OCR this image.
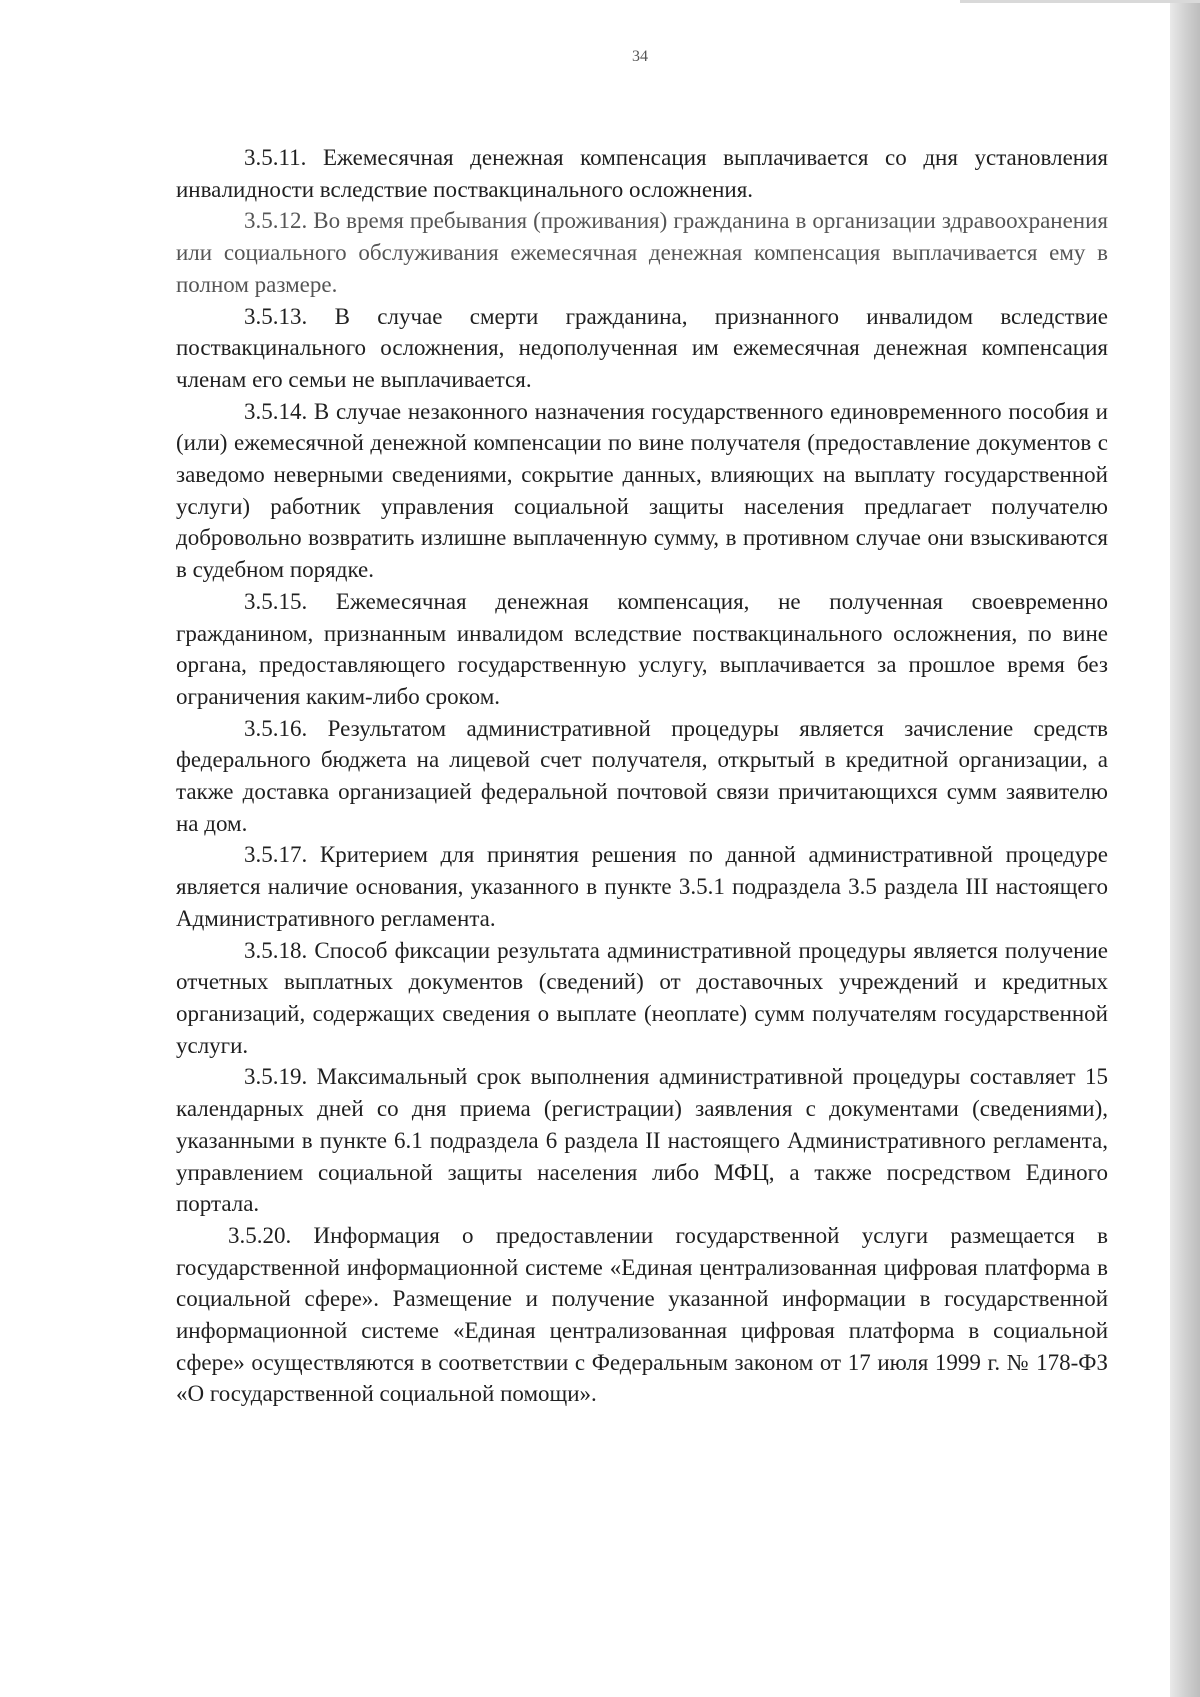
34

3.5.11. Ежемесячная денежная компенсация выплачивается со дня установления инвалидности вследствие поствакцинального осложнения.

3.5.12. Во время пребывания (проживания) гражданина в организации здравоохранения или социального обслуживания ежемесячная денежная компенсация выплачивается ему в полном размере.

3.5.13. В случае смерти гражданина, признанного инвалидом вследствие поствакцинального осложнения, недополученная им ежемесячная денежная компенсация членам его семьи не выплачивается.

3.5.14. В случае незаконного назначения государственного единовременного пособия и (или) ежемесячной денежной компенсации по вине получателя (предоставление документов с заведомо неверными сведениями, сокрытие данных, влияющих на выплату государственной услуги) работник управления социальной защиты населения предлагает получателю добровольно возвратить излишне выплаченную сумму, в противном случае они взыскиваются в судебном порядке.

3.5.15. Ежемесячная денежная компенсация, не полученная своевременно гражданином, признанным инвалидом вследствие поствакцинального осложнения, по вине органа, предоставляющего государственную услугу, выплачивается за прошлое время без ограничения каким-либо сроком.

3.5.16. Результатом административной процедуры является зачисление средств федерального бюджета на лицевой счет получателя, открытый в кредитной организации, а также доставка организацией федеральной почтовой связи причитающихся сумм заявителю на дом.

3.5.17. Критерием для принятия решения по данной административной процедуре является наличие основания, указанного в пункте 3.5.1 подраздела 3.5 раздела III настоящего Административного регламента.

3.5.18. Способ фиксации результата административной процедуры является получение отчетных выплатных документов (сведений) от доставочных учреждений и кредитных организаций, содержащих сведения о выплате (неоплате) сумм получателям государственной услуги.

3.5.19. Максимальный срок выполнения административной процедуры составляет 15 календарных дней со дня приема (регистрации) заявления с документами (сведениями), указанными в пункте 6.1 подраздела 6 раздела II настоящего Административного регламента, управлением социальной защиты населения либо МФЦ, а также посредством Единого портала.

3.5.20. Информация о предоставлении государственной услуги размещается в государственной информационной системе «Единая централизованная цифровая платформа в социальной сфере». Размещение и получение указанной информации в государственной информационной системе «Единая централизованная цифровая платформа в социальной сфере» осуществляются в соответствии с Федеральным законом от 17 июля 1999 г. № 178-ФЗ «О государственной социальной помощи».
